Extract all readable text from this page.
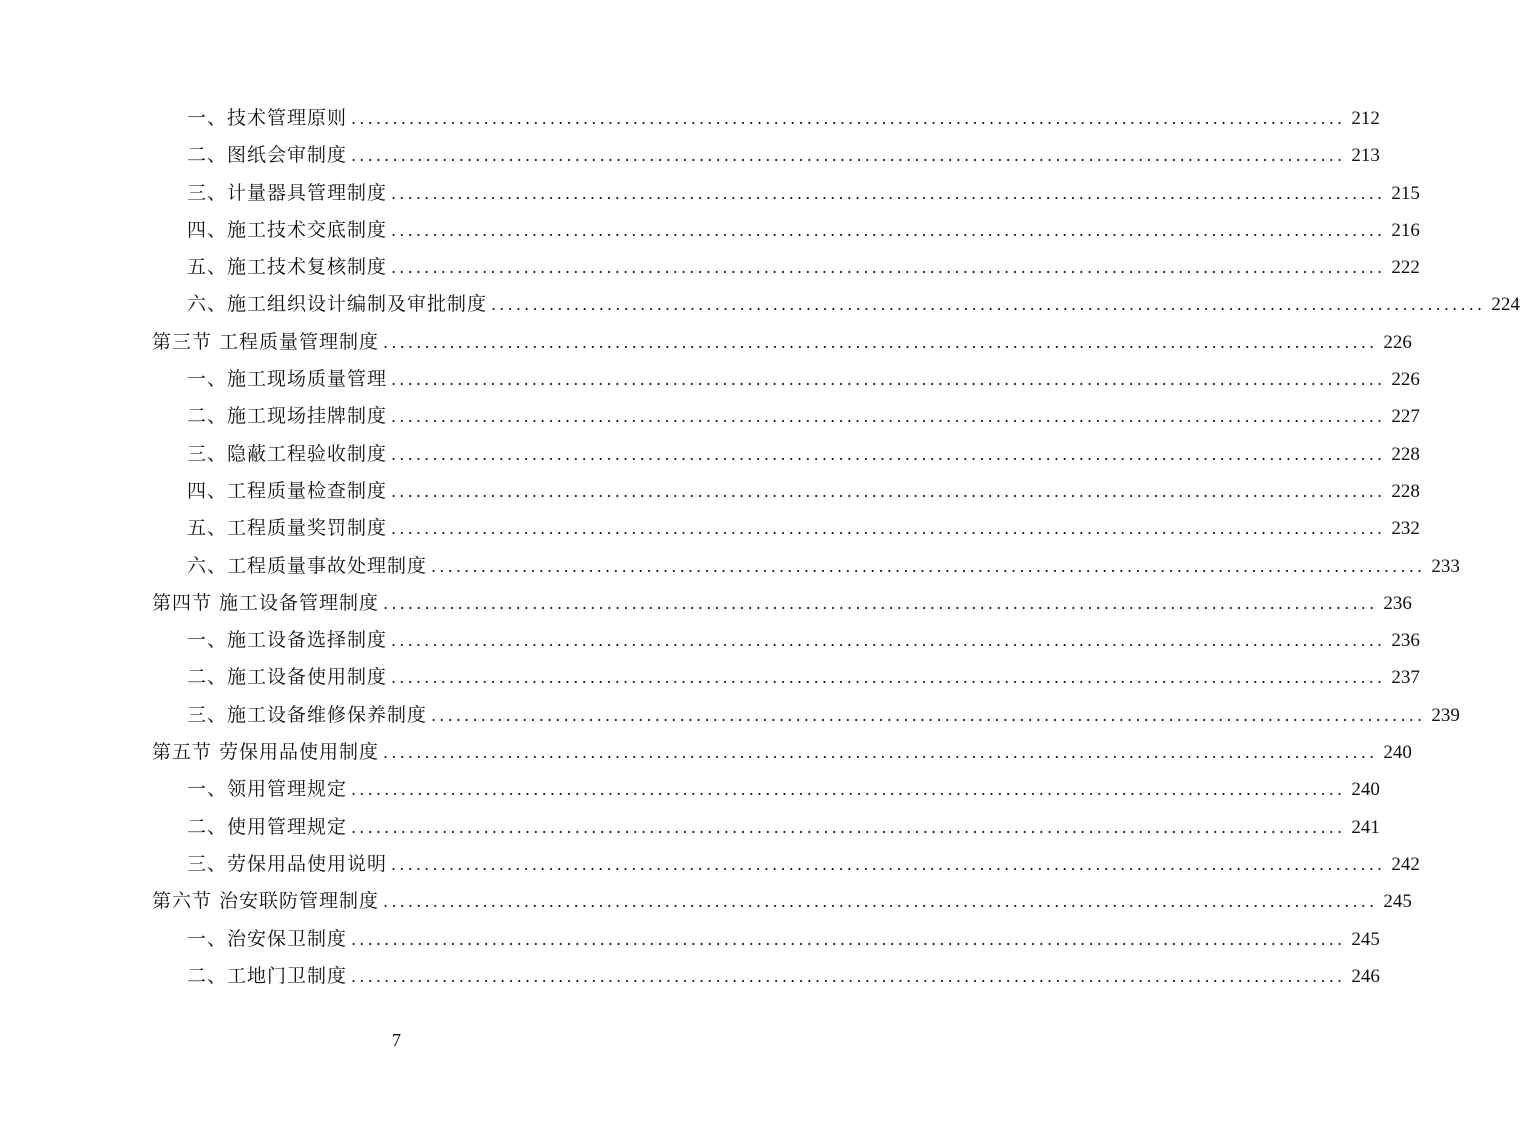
一、技术管理原则 ........................................................................................................................ 212
二、图纸会审制度 ........................................................................................................................ 213
三、计量器具管理制度 ........................................................................................................................ 215
四、施工技术交底制度 ........................................................................................................................ 216
五、施工技术复核制度 ........................................................................................................................ 222
六、施工组织设计编制及审批制度 ........................................................................................................................ 224
第三节 工程质量管理制度 ........................................................................................................................ 226
一、施工现场质量管理 ........................................................................................................................ 226
二、施工现场挂牌制度 ........................................................................................................................ 227
三、隐蔽工程验收制度 ........................................................................................................................ 228
四、工程质量检查制度 ........................................................................................................................ 228
五、工程质量奖罚制度 ........................................................................................................................ 232
六、工程质量事故处理制度 ........................................................................................................................ 233
第四节 施工设备管理制度 ........................................................................................................................ 236
一、施工设备选择制度 ........................................................................................................................ 236
二、施工设备使用制度 ........................................................................................................................ 237
三、施工设备维修保养制度 ........................................................................................................................ 239
第五节 劳保用品使用制度 ........................................................................................................................ 240
一、领用管理规定 ........................................................................................................................ 240
二、使用管理规定 ........................................................................................................................ 241
三、劳保用品使用说明 ........................................................................................................................ 242
第六节 治安联防管理制度 ........................................................................................................................ 245
一、治安保卫制度 ........................................................................................................................ 245
二、工地门卫制度 ........................................................................................................................ 246
7
